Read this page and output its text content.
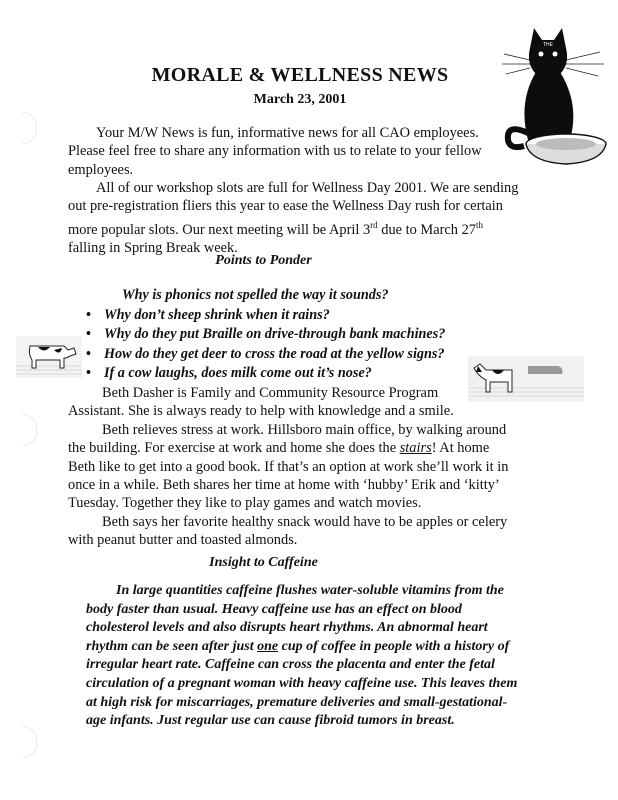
THE
MORALE & WELLNESS NEWS
March 23, 2001

Your M/W News is fun, informative news for all CAO employees. Please feel free to share any information with us to relate to your fellow employees.

All of our workshop slots are full for Wellness Day 2001. We are sending out pre-registration fliers this year to ease the Wellness Day rush for certain more popular slots. Our next meeting will be April 3rd due to March 27th falling in Spring Break week.

Points to Ponder
Why is phonics not spelled the way it sounds?
• Why don’t sheep shrink when it rains?
• Why do they put Braille on drive-through bank machines?
• How do they get deer to cross the road at the yellow signs?
• If a cow laughs, does milk come out it’s nose?

Beth Dasher is Family and Community Resource Program Assistant. She is always ready to help with knowledge and a smile.

Beth relieves stress at work. Hillsboro main office, by walking around the building. For exercise at work and home she does the stairs! At home Beth like to get into a good book. If that’s an option at work she’ll work it in once in a while. Beth shares her time at home with ‘hubby’ Erik and ‘kitty’ Tuesday. Together they like to play games and watch movies.

Beth says her favorite healthy snack would have to be apples or celery with peanut butter and toasted almonds.

Insight to Caffeine

In large quantities caffeine flushes water-soluble vitamins from the body faster than usual. Heavy caffeine use has an effect on blood cholesterol levels and also disrupts heart rhythms. An abnormal heart rhythm can be seen after just one cup of coffee in people with a history of irregular heart rate. Caffeine can cross the placenta and enter the fetal circulation of a pregnant woman with heavy caffeine use. This leaves them at high risk for miscarriages, premature deliveries and small-gestational-age infants. Just regular use can cause fibroid tumors in breast.
